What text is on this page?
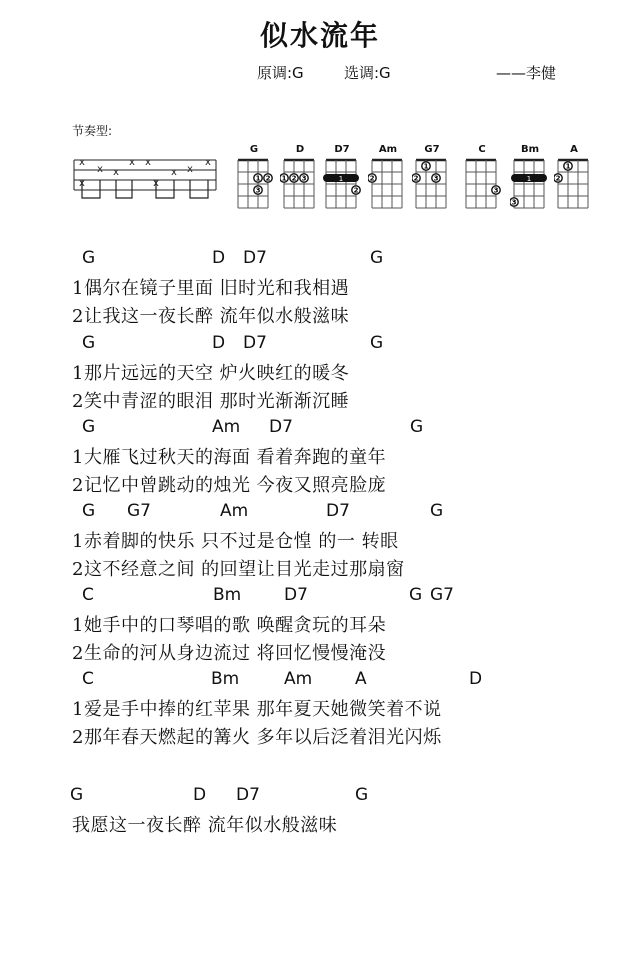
似水流年
原调:G	选调:G	——李健
节奏型:
x
x
x x
x x
x
x x
x
G
1 2
3
D
1 2 3
D7
1
2
Am
2
G7
1
2 3
C
3
Bm
1
3
A
1
2
G	D D7	G
1偶尔在镜子里面 旧时光和我相遇
2让我这一夜长醉 流年似水般滋味
G	D D7	G
1那片远远的天空 炉火映红的暖冬
2笑中青涩的眼泪 那时光渐渐沉睡
G	Am D7	G
1大雁飞过秋天的海面 看着奔跑的童年
2记忆中曾跳动的烛光 今夜又照亮脸庞
G G7	Am	D7	G
1赤着脚的快乐 只不过是仓惶 的一 转眼
2这不经意之间 的回望让目光走过那扇窗
C	Bm	D7	G G7
1她手中的口琴唱的歌 唤醒贪玩的耳朵
2生命的河从身边流过 将回忆慢慢淹没
C	Bm	Am	A	D
1爱是手中捧的红苹果 那年夏天她微笑着不说
2那年春天燃起的篝火 多年以后泛着泪光闪烁
G	D D7	G
我愿这一夜长醉 流年似水般滋味
